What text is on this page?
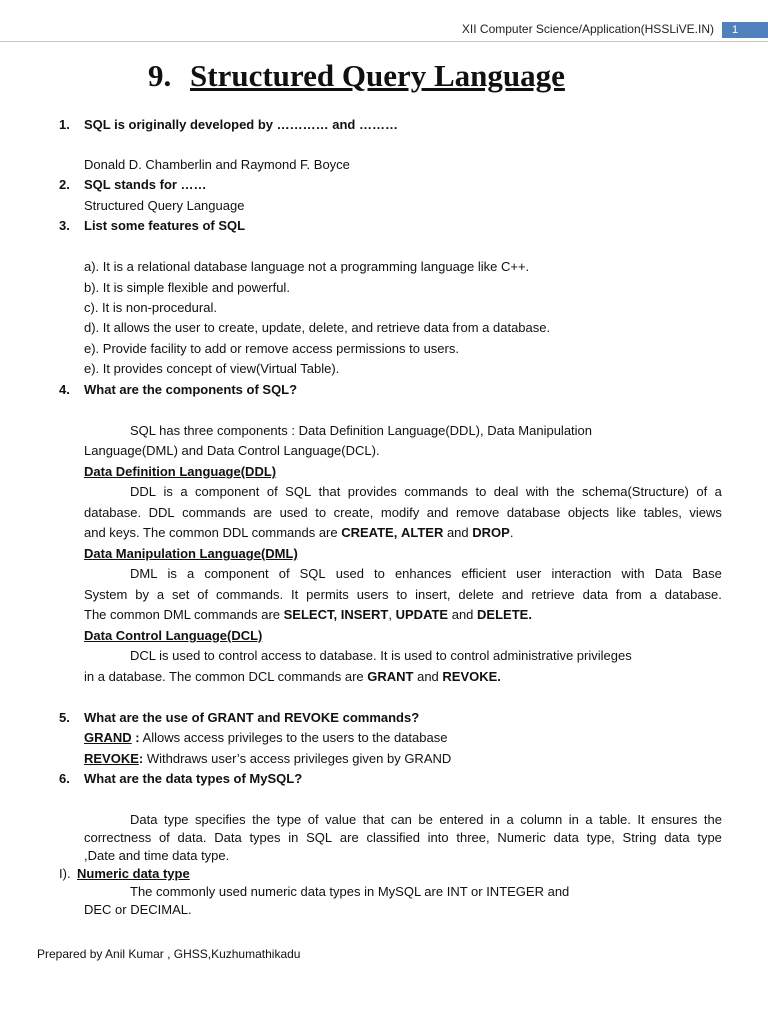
XII Computer Science/Application(HSSLiVE.IN)	1
9. Structured Query Language
1. SQL is originally developed by ………… and ………
Donald D. Chamberlin and Raymond F. Boyce
2. SQL stands for ……
Structured Query Language
3. List some features of SQL
a). It is a relational database language not a programming language like C++.
b). It is simple flexible and powerful.
c). It is non-procedural.
d). It allows the user to create, update, delete, and retrieve data from a database.
e). Provide facility to add or remove access permissions to users.
e). It provides concept of view(Virtual Table).
4. What are the components of SQL?
SQL has three components : Data Definition Language(DDL), Data Manipulation
Language(DML) and Data Control Language(DCL).
Data Definition Language(DDL)
DDL is a component of SQL that provides commands to deal with the schema(Structure) of a
database. DDL commands are used to create, modify and remove database objects like tables, views
and keys. The common DDL commands are CREATE, ALTER and DROP.
Data Manipulation Language(DML)
DML is a component of SQL used to enhances efficient user interaction with Data Base
System by a set of commands. It permits users to insert, delete and retrieve data from a database.
The common DML commands are SELECT, INSERT, UPDATE and DELETE.
Data Control Language(DCL)
DCL is used to control access to database. It is used to control administrative privileges
in a database. The common DCL commands are GRANT and REVOKE.
5. What are the use of GRANT and REVOKE commands?
GRAND : Allows access privileges to the users to the database
REVOKE: Withdraws user’s access privileges given by GRAND
6. What are the data types of MySQL?
Data type specifies the type of value that can be entered in a column in a table. It ensures the
correctness of data. Data types in SQL are classified into three, Numeric data type, String data type
,Date and time data type.
I). Numeric data type
The commonly used numeric data types in MySQL are INT or INTEGER and
DEC or DECIMAL.
Prepared by Anil Kumar , GHSS,Kuzhumathikadu
